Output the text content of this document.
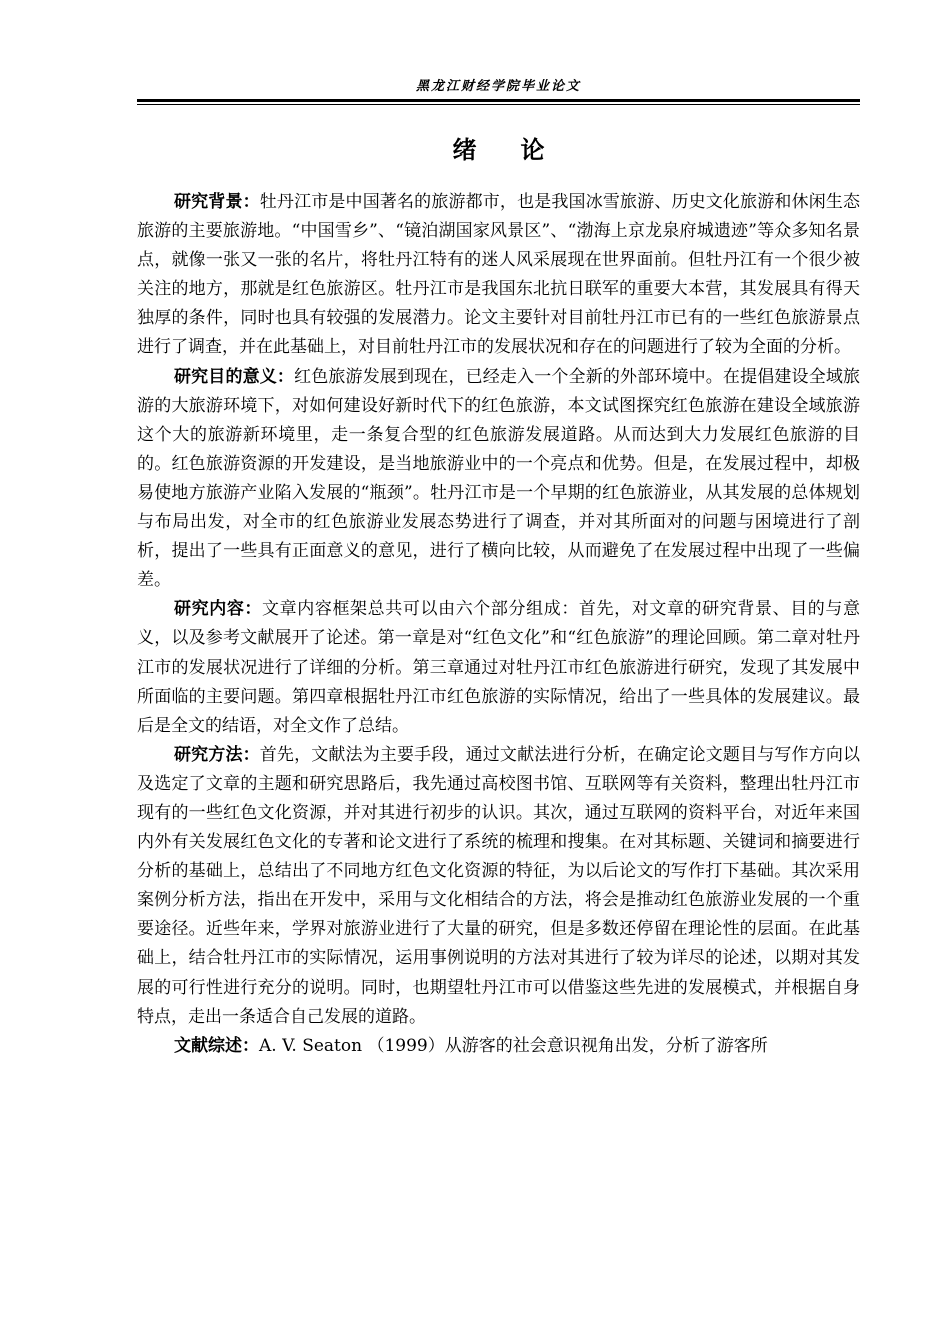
黑龙江财经学院毕业论文
绪论

研究背景：牡丹江市是中国著名的旅游都市，也是我国冰雪旅游、历史文化旅游和休闲生态旅游的主要旅游地。“中国雪乡”、“镜泊湖国家风景区”、“渤海上京龙泉府城遗迹”等众多知名景点，就像一张又一张的名片，将牡丹江特有的迷人风采展现在世界面前。但牡丹江有一个很少被关注的地方，那就是红色旅游区。牡丹江市是我国东北抗日联军的重要大本营，其发展具有得天独厚的条件，同时也具有较强的发展潜力。论文主要针对目前牡丹江市已有的一些红色旅游景点进行了调查，并在此基础上，对目前牡丹江市的发展状况和存在的问题进行了较为全面的分析。

研究目的意义：红色旅游发展到现在，已经走入一个全新的外部环境中。在提倡建设全域旅游的大旅游环境下，对如何建设好新时代下的红色旅游，本文试图探究红色旅游在建设全域旅游这个大的旅游新环境里，走一条复合型的红色旅游发展道路。从而达到大力发展红色旅游的目的。红色旅游资源的开发建设，是当地旅游业中的一个亮点和优势。但是，在发展过程中，却极易使地方旅游产业陷入发展的“瓶颈”。牡丹江市是一个早期的红色旅游业，从其发展的总体规划与布局出发，对全市的红色旅游业发展态势进行了调查，并对其所面对的问题与困境进行了剖析，提出了一些具有正面意义的意见，进行了横向比较，从而避免了在发展过程中出现了一些偏差。

研究内容：文章内容框架总共可以由六个部分组成：首先，对文章的研究背景、目的与意义，以及参考文献展开了论述。第一章是对“红色文化”和“红色旅游”的理论回顾。第二章对牡丹江市的发展状况进行了详细的分析。第三章通过对牡丹江市红色旅游进行研究，发现了其发展中所面临的主要问题。第四章根据牡丹江市红色旅游的实际情况，给出了一些具体的发展建议。最后是全文的结语，对全文作了总结。

研究方法：首先，文献法为主要手段，通过文献法进行分析，在确定论文题目与写作方向以及选定了文章的主题和研究思路后，我先通过高校图书馆、互联网等有关资料，整理出牡丹江市现有的一些红色文化资源，并对其进行初步的认识。其次，通过互联网的资料平台，对近年来国内外有关发展红色文化的专著和论文进行了系统的梳理和搜集。在对其标题、关键词和摘要进行分析的基础上，总结出了不同地方红色文化资源的特征，为以后论文的写作打下基础。其次采用案例分析方法，指出在开发中，采用与文化相结合的方法，将会是推动红色旅游业发展的一个重要途径。近些年来，学界对旅游业进行了大量的研究，但是多数还停留在理论性的层面。在此基础上，结合牡丹江市的实际情况，运用事例说明的方法对其进行了较为详尽的论述，以期对其发展的可行性进行充分的说明。同时，也期望牡丹江市可以借鉴这些先进的发展模式，并根据自身特点，走出一条适合自己发展的道路。

文献综述：A. V. Seaton （1999）从游客的社会意识视角出发，分析了游客所
